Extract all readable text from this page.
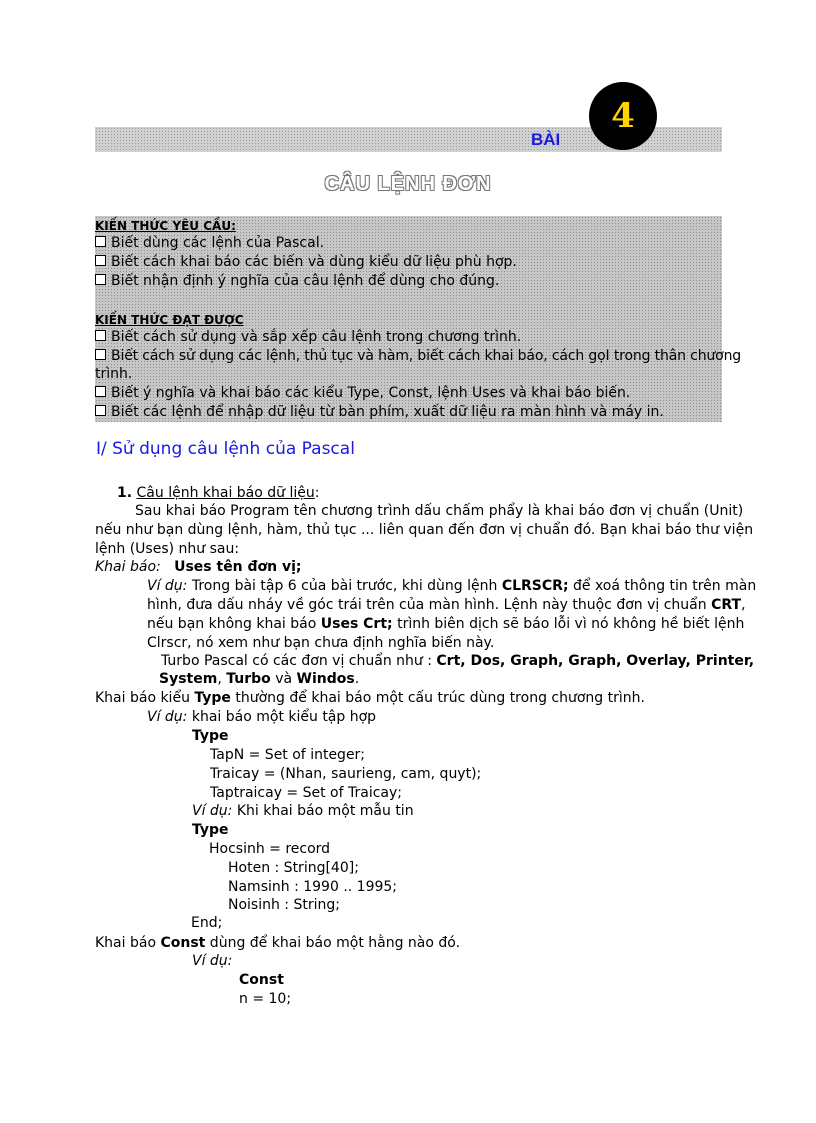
BÀI
4
CÂU LỆNH ĐƠN
KIẾN THỨC YÊU CẦU:
Biết dùng các lệnh của Pascal.
Biết cách khai báo các biến và dùng kiểu dữ liệu phù hợp.
Biết nhận định ý nghĩa của câu lệnh để dùng cho đúng.
KIẾN THỨC ĐẠT ĐƯỢC
Biết cách sử dụng và sắp xếp câu lệnh trong chương trình.
Biết cách sử dụng các lệnh, thủ tục và hàm, biết cách khai báo, cách gọI trong thân chương
trình.
Biết ý nghĩa và khai báo các kiểu Type, Const, lệnh Uses và khai báo biến.
Biết các lệnh để nhập dữ liệu từ bàn phím, xuất dữ liệu ra màn hình và máy in.
I/ Sử dụng câu lệnh của Pascal
1. Câu lệnh khai báo dữ liệu:
Sau khai báo Program tên chương trình dấu chấm phẩy là khai báo đơn vị chuẩn (Unit)
nếu như bạn dùng lệnh, hàm, thủ tục ... liên quan đến đơn vị chuẩn đó. Bạn khai báo thư viện
lệnh (Uses) như sau:
Khai báo: Uses tên đơn vị;
Ví dụ: Trong bài tập 6 của bài trước, khi dùng lệnh CLRSCR; để xoá thông tin trên màn
hình, đưa dấu nháy về góc trái trên của màn hình. Lệnh này thuộc đơn vị chuẩn CRT,
nếu bạn không khai báo Uses Crt; trình biên dịch sẽ báo lỗi vì nó không hề biết lệnh
Clrscr, nó xem như bạn chưa định nghĩa biến này.
Turbo Pascal có các đơn vị chuẩn như : Crt, Dos, Graph, Graph, Overlay, Printer,
System, Turbo và Windos.
Khai báo kiểu Type thường để khai báo một cấu trúc dùng trong chương trình.
Ví dụ: khai báo một kiểu tập hợp
Type
TapN = Set of integer;
Traicay = (Nhan, saurieng, cam, quyt);
Taptraicay = Set of Traicay;
Ví dụ: Khi khai báo một mẫu tin
Type
Hocsinh = record
Hoten : String[40];
Namsinh : 1990 .. 1995;
Noisinh : String;
End;
Khai báo Const dùng để khai báo một hằng nào đó.
Ví dụ:
Const
n = 10;
